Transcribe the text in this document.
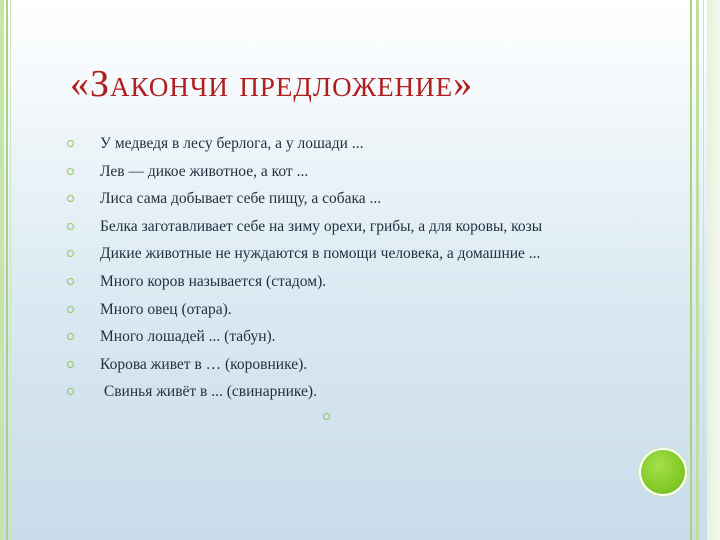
«Закончи предложение»
У медведя в лесу берлога, а у лошади ...
Лев — дикое животное, а кот ...
Лиса сама добывает себе пищу, а собака ...
Белка заготавливает себе на зиму орехи, грибы, а для коровы, козы
Дикие животные не нуждаются в помощи человека, а домашние ...
Много коров называется (стадом).
Много овец (отара).
Много лошадей ... (табун).
Корова живет в … (коровнике).
Свинья живёт в ... (свинарнике).
